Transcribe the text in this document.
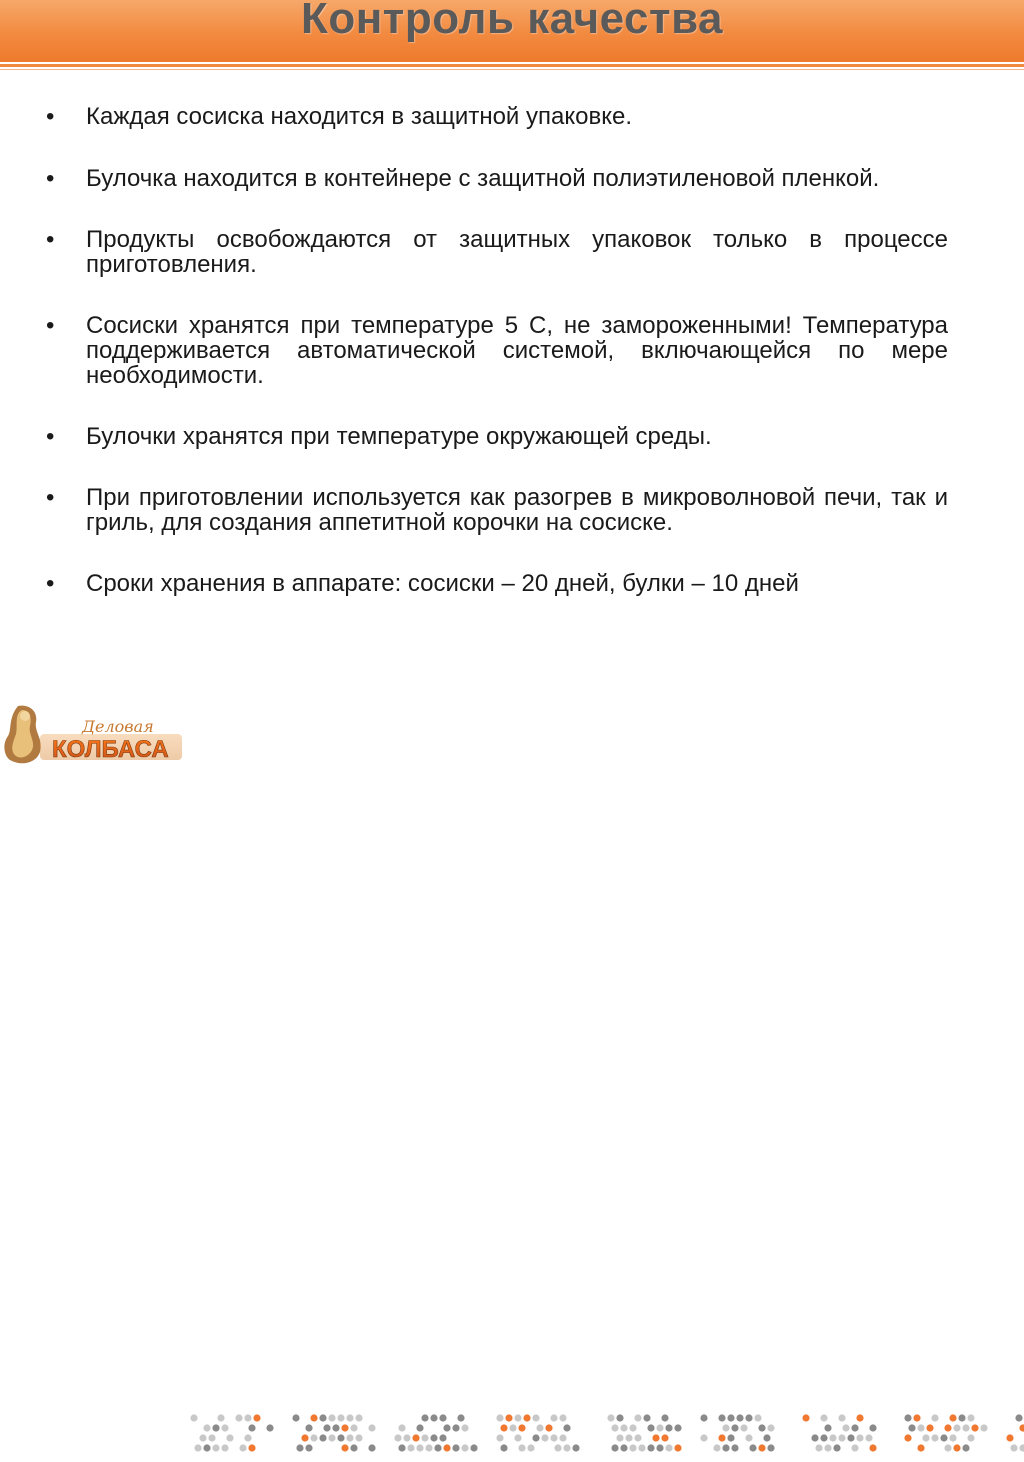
Контроль качества
•	Каждая сосиска находится в защитной упаковке.
•	Булочка находится в контейнере с защитной полиэтиленовой пленкой.
•	Продукты освобождаются от защитных упаковок только в процессе приготовления.
•	Сосиски хранятся при температуре 5 С, не замороженными! Температура поддерживается автоматической системой, включающейся по мере необходимости.
•	Булочки хранятся при температуре окружающей среды.
•	При приготовлении используется как разогрев в микроволновой печи, так и гриль, для создания аппетитной корочки на сосиске.
•	Сроки хранения в аппарате: сосиски – 20 дней, булки – 10 дней
Деловая
КОЛБАСА
